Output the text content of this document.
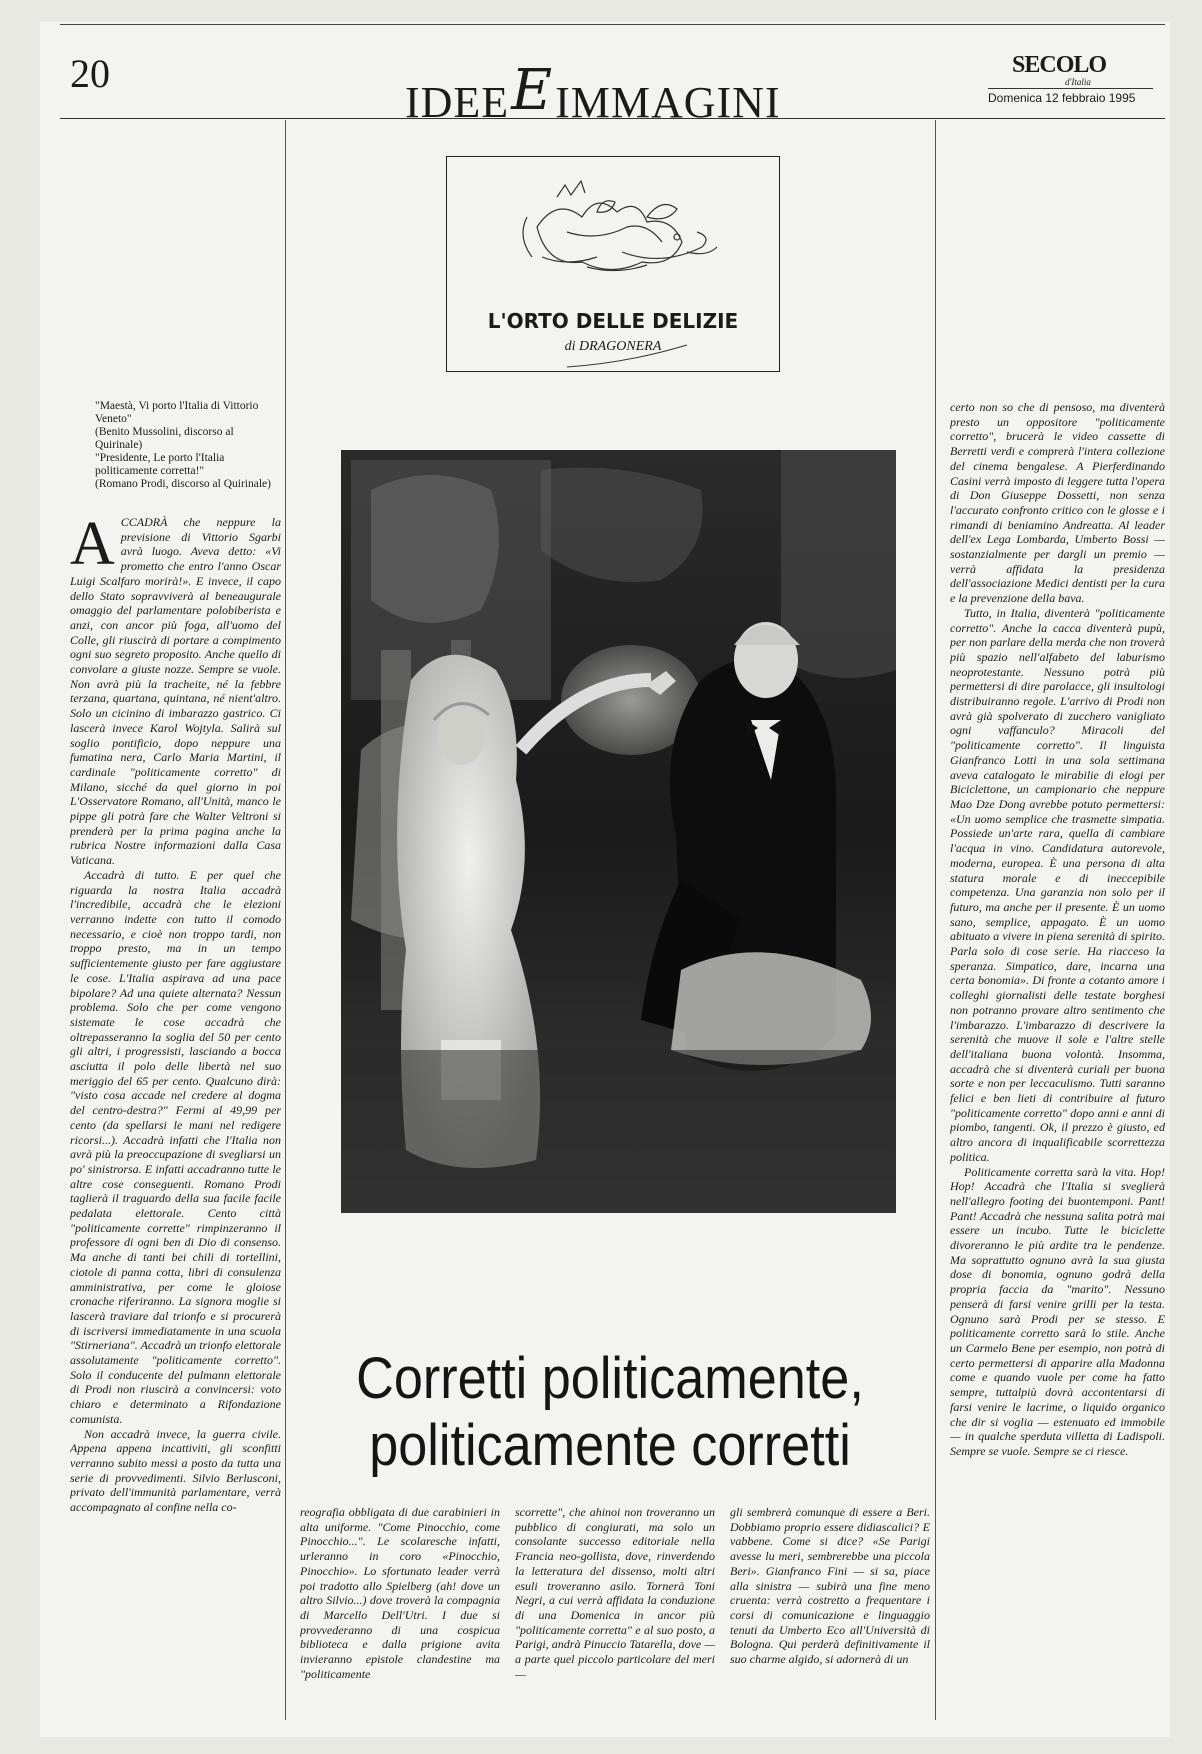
20
IDEEEIMMAGINI
SECOLO
d'Italia
Domenica 12 febbraio 1995
L'ORTO DELLE DELIZIE
di DRAGONERA
"Maestà, Vi porto l'Italia di Vittorio Veneto"
(Benito Mussolini, discorso al Quirinale)
"Presidente, Le porto l'Italia politicamente corretta!"
(Romano Prodi, discorso al Quirinale)

ACCADRÀ che neppure la previsione di Vittorio Sgarbi avrà luogo. Aveva detto: «Vi prometto che entro l'anno Oscar Luigi Scalfaro morirà!». E invece, il capo dello Stato sopravviverà al beneaugurale omaggio del parlamentare polobiberista e anzi, con ancor più foga, all'uomo del Colle, gli riuscirà di portare a compimento ogni suo segreto proposito. Anche quello di convolare a giuste nozze. Sempre se vuole. Non avrà più la tracheite, né la febbre terzana, quartana, quintana, né nient'altro. Solo un cicinino di imbarazzo gastrico. Ci lascerà invece Karol Wojtyla. Salirà sul soglio pontificio, dopo neppure una fumatina nera, Carlo Maria Martini, il cardinale "politicamente corretto" di Milano, sicché da quel giorno in poi L'Osservatore Romano, all'Unità, manco le pippe gli potrà fare che Walter Veltroni si prenderà per la prima pagina anche la rubrica Nostre informazioni dalla Casa Vaticana.

Accadrà di tutto. E per quel che riguarda la nostra Italia accadrà l'incredibile, accadrà che le elezioni verranno indette con tutto il comodo necessario, e cioè non troppo tardi, non troppo presto, ma in un tempo sufficientemente giusto per fare aggiustare le cose. L'Italia aspirava ad una pace bipolare? Ad una quiete alternata? Nessun problema. Solo che per come vengono sistemate le cose accadrà che oltrepasseranno la soglia del 50 per cento gli altri, i progressisti, lasciando a bocca asciutta il polo delle libertà nel suo meriggio del 65 per cento. Qualcuno dirà: "visto cosa accade nel credere al dogma del centro-destra?" Fermi al 49,99 per cento (da spellarsi le mani nel redigere ricorsi...). Accadrà infatti che l'Italia non avrà più la preoccupazione di svegliarsi un po' sinistrorsa. E infatti accadranno tutte le altre cose conseguenti. Romano Prodi taglierà il traguardo della sua facile facile pedalata elettorale. Cento città "politicamente corrette" rimpinzeranno il professore di ogni ben di Dio di consenso. Ma anche di tanti bei chili di tortellini, ciotole di panna cotta, libri di consulenza amministrativa, per come le gloiose cronache riferiranno. La signora moglie si lascerà traviare dal trionfo e si procurerà di iscriversi immediatamente in una scuola "Stirneriana". Accadrà un trionfo elettorale assolutamente "politicamente corretto". Solo il conducente del pulmann elettorale di Prodi non riuscirà a convincersi: voto chiaro e determinato a Rifondazione comunista.

Non accadrà invece, la guerra civile. Appena appena incattiviti, gli sconfitti verranno subito messi a posto da tutta una serie di provvedimenti. Silvio Berlusconi, privato dell'immunità parlamentare, verrà accompagnato al confine nella co-

certo non so che di pensoso, ma diventerà presto un oppositore "politicamente corretto", brucerà le video cassette di Berretti verdi e comprerà l'intera collezione del cinema bengalese. A Pierferdinando Casini verrà imposto di leggere tutta l'opera di Don Giuseppe Dossetti, non senza l'accurato confronto critico con le glosse e i rimandi di beniamino Andreatta. Al leader dell'ex Lega Lombarda, Umberto Bossi — sostanzialmente per dargli un premio — verrà affidata la presidenza dell'associazione Medici dentisti per la cura e la prevenzione della bava.

Tutto, in Italia, diventerà "politicamente corretto". Anche la cacca diventerà pupù, per non parlare della merda che non troverà più spazio nell'alfabeto del laburismo neoprotestante. Nessuno potrà più permettersi di dire parolacce, gli insultologi distribuiranno regole. L'arrivo di Prodi non avrà già spolverato di zucchero vanigliato ogni vaffanculo? Miracoli del "politicamente corretto". Il linguista Gianfranco Lotti in una sola settimana aveva catalogato le mirabilie di elogi per Biciclettone, un campionario che neppure Mao Dze Dong avrebbe potuto permettersi: «Un uomo semplice che trasmette simpatia. Possiede un'arte rara, quella di cambiare l'acqua in vino. Candidatura autorevole, moderna, europea. È una persona di alta statura morale e di ineccepibile competenza. Una garanzia non solo per il futuro, ma anche per il presente. È un uomo sano, semplice, appagato. È un uomo abituato a vivere in piena serenità di spirito. Parla solo di cose serie. Ha riacceso la speranza. Simpatico, dare, incarna una certa bonomia». Di fronte a cotanto amore i colleghi giornalisti delle testate borghesi non potranno provare altro sentimento che l'imbarazzo. L'imbarazzo di descrivere la serenità che muove il sole e l'altre stelle dell'italiana buona volontà. Insomma, accadrà che si diventerà curiali per buona sorte e non per leccaculismo. Tutti saranno felici e ben lieti di contribuire al futuro "politicamente corretto" dopo anni e anni di piombo, tangenti. Ok, il prezzo è giusto, ed altro ancora di inqualificabile scorrettezza politica.

Politicamente corretta sarà la vita. Hop! Hop! Accadrà che l'Italia si sveglierà nell'allegro footing dei buontemponi. Pant! Pant! Accadrà che nessuna salita potrà mai essere un incubo. Tutte le biciclette divoreranno le più ardite tra le pendenze. Ma soprattutto ognuno avrà la sua giusta dose di bonomia, ognuno godrà della propria faccia da "marito". Nessuno penserà di farsi venire grilli per la testa. Ognuno sarà Prodi per se stesso. E politicamente corretto sarà lo stile. Anche un Carmelo Bene per esempio, non potrà di certo permettersi di apparire alla Madonna come e quando vuole per come ha fatto sempre, tuttalpiù dovrà accontentarsi di farsi venire le lacrime, o liquido organico che dir si voglia — estenuato ed immobile — in qualche sperduta villetta di Ladispoli. Sempre se vuole. Sempre se ci riesce.

Corretti politicamente,
politicamente corretti

reografia obbligata di due carabinieri in alta uniforme. "Come Pinocchio, come Pinocchio...". Le scolaresche infatti, urleranno in coro «Pinocchio, Pinocchio». Lo sfortunato leader verrà poi tradotto allo Spielberg (ah! dove un altro Silvio...) dove troverà la compagnia di Marcello Dell'Utri. I due si provvederanno di una cospicua biblioteca e dalla prigione avita invieranno epistole clandestine ma "politicamente

scorrette", che ahinoi non troveranno un pubblico di congiurati, ma solo un consolante successo editoriale nella Francia neo-gollista, dove, rinverdendo la letteratura del dissenso, molti altri esuli troveranno asilo. Tornerà Toni Negri, a cui verrà affidata la conduzione di una Domenica in ancor più "politicamente corretta" e al suo posto, a Parigi, andrà Pinuccio Tatarella, dove — a parte quel piccolo particolare del meri —

gli sembrerà comunque di essere a Beri. Dobbiamo proprio essere didiascalici? E vabbene. Come si dice? «Se Parigi avesse lu meri, sembrerebbe una piccola Beri». Gianfranco Fini — si sa, piace alla sinistra — subirà una fine meno cruenta: verrà costretto a frequentare i corsi di comunicazione e linguaggio tenuti da Umberto Eco all'Università di Bologna. Qui perderà definitivamente il suo charme algido, si adornerà di un
